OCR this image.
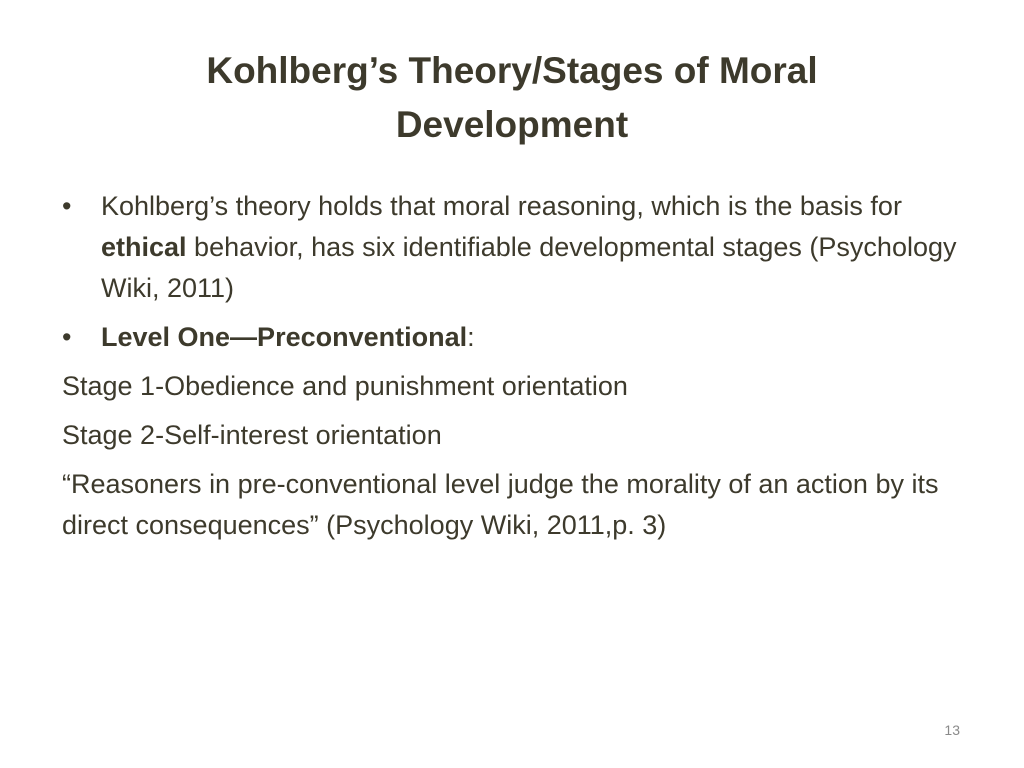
Kohlberg’s Theory/Stages of Moral
Development
• Kohlberg’s theory holds that moral reasoning, which is the basis for ethical behavior, has six identifiable developmental stages (Psychology Wiki, 2011)
• Level One—Preconventional:
Stage 1-Obedience and punishment orientation
Stage 2-Self-interest orientation
“Reasoners in pre-conventional level judge the morality of an action by its direct consequences” (Psychology Wiki, 2011,p. 3)
13
